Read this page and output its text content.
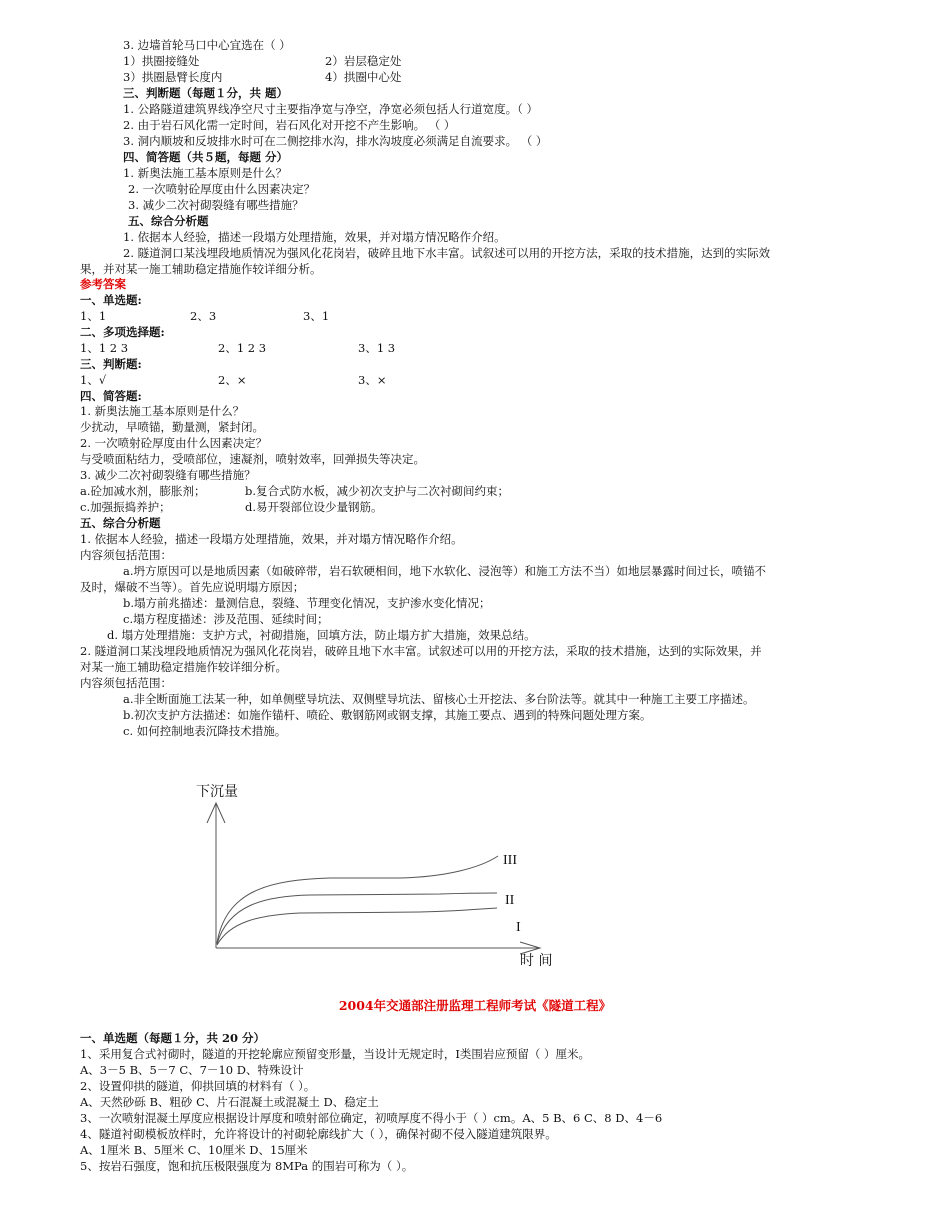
3. 边墙首轮马口中心宜选在（ ）
1）拱圈接缝处	2）岩层稳定处
3）拱圈悬臂长度内	4）拱圈中心处
三、判断题（每题１分，共 题）
1. 公路隧道建筑界线净空尺寸主要指净宽与净空，净宽必须包括人行道宽度。（ ）
2. 由于岩石风化需一定时间，岩石风化对开挖不产生影响。 （ ）
3. 洞内顺坡和反坡排水时可在二侧挖排水沟，排水沟坡度必须满足自流要求。 （ ）
四、简答题（共５题，每题 分）
1. 新奥法施工基本原则是什么？
2. 一次喷射砼厚度由什么因素决定？
3. 减少二次衬砌裂缝有哪些措施？
五、综合分析题
1. 依据本人经验，描述一段塌方处理措施，效果，并对塌方情况略作介绍。
2. 隧道洞口某浅埋段地质情况为强风化花岗岩，破碎且地下水丰富。试叙述可以用的开挖方法，采取的技术措施，达到的实际效
果，并对某一施工辅助稳定措施作较详细分析。
参考答案
一、单选题:
1、1	2、3	3、1
二、多项选择题:
1、1 2 3	2、1 2 3	3、1 3
三、判断题:
1、√	2、×	3、×
四、简答题:
1. 新奥法施工基本原则是什么？
少扰动，早喷锚，勤量测，紧封闭。
2. 一次喷射砼厚度由什么因素决定？
与受喷面粘结力，受喷部位，速凝剂，喷射效率，回弹损失等决定。
3. 减少二次衬砌裂缝有哪些措施？
a.砼加减水剂，膨胀剂；	b.复合式防水板，减少初次支护与二次衬砌间约束；
c.加强振捣养护；	d.易开裂部位设少量钢筋。
五、综合分析题
1. 依据本人经验，描述一段塌方处理措施，效果，并对塌方情况略作介绍。
内容须包括范围：
a.坍方原因可以是地质因素（如破碎带，岩石软硬相间，地下水软化、浸泡等）和施工方法不当）如地层暴露时间过长，喷锚不
及时，爆破不当等）。首先应说明塌方原因；
b.塌方前兆描述：量测信息，裂缝、节理变化情况，支护渗水变化情况；
c.塌方程度描述：涉及范围、延续时间；
d. 塌方处理措施：支护方式，衬砌措施，回填方法，防止塌方扩大措施，效果总结。
2. 隧道洞口某浅埋段地质情况为强风化花岗岩，破碎且地下水丰富。试叙述可以用的开挖方法，采取的技术措施，达到的实际效果，并
对某一施工辅助稳定措施作较详细分析。
内容须包括范围：
a.非全断面施工法某一种，如单侧壁导坑法、双侧壁导坑法、留核心土开挖法、多台阶法等。就其中一种施工主要工序描述。
b.初次支护方法描述：如施作锚杆、喷砼、敷钢筋网或钢支撑，其施工要点、遇到的特殊问题处理方案。
c. 如何控制地表沉降技术措施。
下沉量
时 间
III
II
I
2004年交通部注册监理工程师考试《隧道工程》
一、单选题（每题１分，共 20 分）
1、采用复合式衬砌时，隧道的开挖轮廓应预留变形量，当设计无规定时，Ⅰ类围岩应预留（ ）厘米。
A、3－5 B、5－7 C、7－10 D、特殊设计
2、设置仰拱的隧道，仰拱回填的材料有（ ）。
A、天然砂砾 B、粗砂 C、片石混凝土或混凝土 D、稳定土
3、一次喷射混凝土厚度应根据设计厚度和喷射部位确定，初喷厚度不得小于（ ）cm。A、5 B、6 C、8 D、4－6
4、隧道衬砌模板放样时，允许将设计的衬砌轮廓线扩大（ ），确保衬砌不侵入隧道建筑限界。
A、1厘米 B、5厘米 C、10厘米 D、15厘米
5、按岩石强度，饱和抗压极限强度为 8MPa 的围岩可称为（ ）。
